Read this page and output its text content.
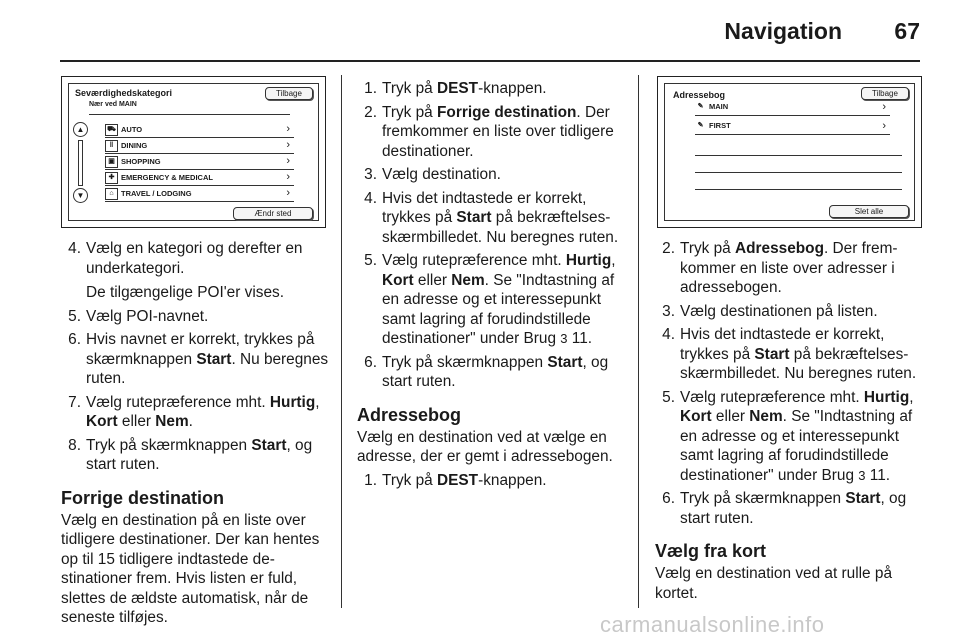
Navigation 67
Seværdighedskategori	Tilbage
Nær ved MAIN
▲
▼
⛟ AUTO	›
ǁ DINING	›
▣ SHOPPING	›
✚ EMERGENCY & MEDICAL	›
⌂ TRAVEL / LODGING	›
Ændr sted
Adressebog	Tilbage
✎ MAIN	›
✎ FIRST	›
Slet alle
4. Vælg en kategori og derefter en underkategori.

De tilgængelige POI'er vises.

5. Vælg POI-navnet.

6. Hvis navnet er korrekt, trykkes på skærmknappen Start. Nu beregnes ruten.

7. Vælg rutepræference mht. Hurtig, Kort eller Nem.

8. Tryk på skærmknappen Start, og start ruten.

Forrige destination

Vælg en destination på en liste over tidligere destinationer. Der kan hentes op til 15 tidligere indtastede destinationer frem. Hvis listen er fuld, slettes de ældste automatisk, når de seneste tilføjes.

1. Tryk på DEST-knappen.

2. Tryk på Forrige destination. Der fremkommer en liste over tidligere destinationer.

3. Vælg destination.

4. Hvis det indtastede er korrekt, trykkes på Start på bekræftelsesskærmbilledet. Nu beregnes ruten.

5. Vælg rutepræference mht. Hurtig, Kort eller Nem. Se "Indtastning af en adresse og et interessepunkt samt lagring af forudindstillede destinationer" under Brug 3 11.

6. Tryk på skærmknappen Start, og start ruten.

Adressebog

Vælg en destination ved at vælge en adresse, der er gemt i adressebogen.

1. Tryk på DEST-knappen.

2. Tryk på Adressebog. Der fremkommer en liste over adresser i adressebogen.

3. Vælg destinationen på listen.

4. Hvis det indtastede er korrekt, trykkes på Start på bekræftelsesskærmbilledet. Nu beregnes ruten.

5. Vælg rutepræference mht. Hurtig, Kort eller Nem. Se "Indtastning af en adresse og et interessepunkt samt lagring af forudindstillede destinationer" under Brug 3 11.

6. Tryk på skærmknappen Start, og start ruten.

Vælg fra kort

Vælg en destination ved at rulle på kortet.

carmanualsonline.info
